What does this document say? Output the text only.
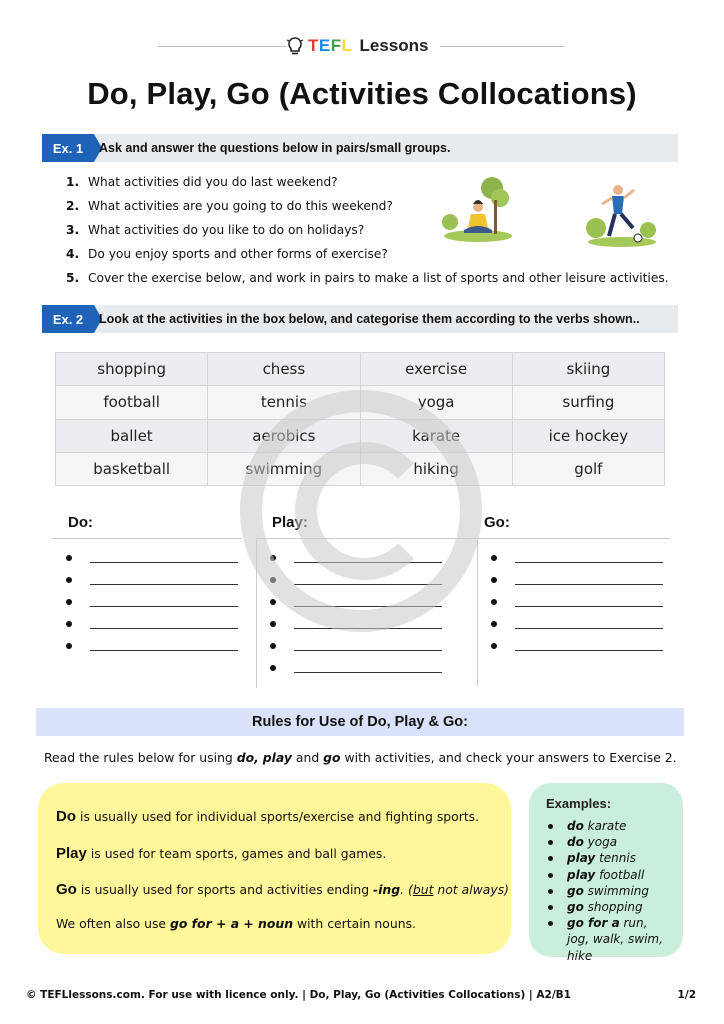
T E F L Lessons
Do, Play, Go (Activities Collocations)
Ex. 1	Ask and answer the questions below in pairs/small groups.
1. What activities did you do last weekend?
2. What activities are you going to do this weekend?
3. What activities do you like to do on holidays?
4. Do you enjoy sports and other forms of exercise?
5. Cover the exercise below, and work in pairs to make a list of sports and other leisure activities.
Ex. 2	Look at the activities in the box below, and categorise them according to the verbs shown..
shopping	chess	exercise	skiing
football	tennis	yoga	surfing
ballet	aerobics	karate	ice hockey
basketball	swimming	hiking	golf
Do:	Play:	Go:
Rules for Use of Do, Play & Go:
Read the rules below for using do, play and go with activities, and check your answers to Exercise 2.
Do is usually used for individual sports/exercise and fighting sports.
Play is used for team sports, games and ball games.
Go is usually used for sports and activities ending -ing. (but not always)
We often also use go for + a + noun with certain nouns.
Examples:
do karate
do yoga
play tennis
play football
go swimming
go shopping
go for a run, jog, walk, swim, hike
© TEFLlessons.com. For use with licence only. | Do, Play, Go (Activities Collocations) | A2/B1	1/2
